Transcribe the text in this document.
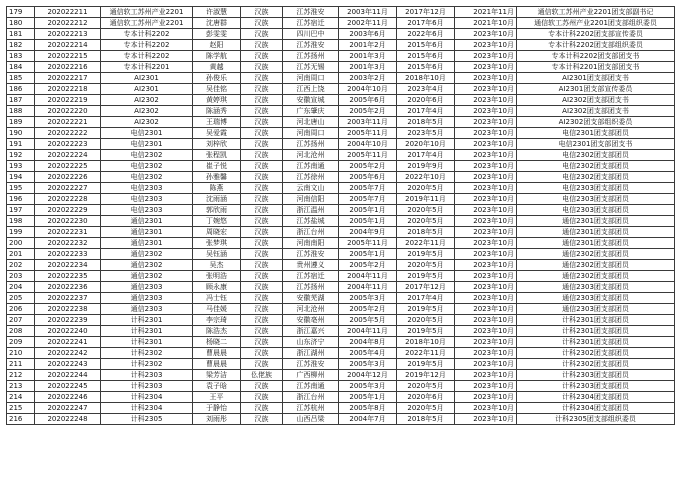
179	202022211	通信软工苏州产业2201	许淑慧	汉族	江苏淮安	2003年11月	2017年12月	2021年11月	通信软工苏州产业2201团支部副书记
180	202022212	通信软工苏州产业2201	沈唐群	汉族	江苏宿迁	2002年11月	2017年6月	2021年10月	通信软工苏州产业2201团支部组织委员
181	202022213	专本计科2202	彭雯雯	汉族	四川巴中	2003年6月	2022年6月	2023年10月	专本计科2202团支部宣传委员
182	202022214	专本计科2202	赵阳	汉族	江苏淮安	2001年2月	2015年6月	2023年10月	专本计科2202团支部组织委员
183	202022215	专本计科2202	陈学航	汉族	江苏扬州	2001年3月	2015年6月	2023年10月	专本计科2202团支部团支书
184	202022216	专本计科2201	黄越	汉族	江苏无锡	2001年3月	2015年6月	2023年10月	专本计科2201团支部团支书
185	202022217	AI2301	孙俊乐	汉族	河南周口	2003年2月	2018年10月	2023年10月	AI2301团支部团支书
186	202022218	AI2301	吴佳铭	汉族	江西上饶	2004年10月	2023年4月	2023年10月	AI2301团支部宣传委员
187	202022219	AI2302	黄婷琪	汉族	安徽宣城	2005年6月	2020年6月	2023年10月	AI2302团支部团支书
188	202022220	AI2302	陈涵秀	汉族	广东肇庆	2005年2月	2017年4月	2023年10月	AI2302团支部团支书
189	202022221	AI2302	王瑞博	汉族	河北唐山	2003年11月	2018年5月	2023年10月	AI2302团支部组织委员
190	202022222	电信2301	吴爱霞	汉族	河南周口	2005年11月	2023年5月	2023年10月	电信2301团支部团员
191	202022223	电信2301	刘梓欣	汉族	江苏扬州	2004年10月	2020年10月	2023年10月	电信2301团支部团支书
192	202022224	电信2302	张程凯	汉族	河北沧州	2005年11月	2017年4月	2023年10月	电信2302团支部团员
193	202022225	电信2302	崔子悦	汉族	江苏南通	2005年2月	2019年9月	2023年10月	电信2302团支部团员
194	202022226	电信2302	孙雅馨	汉族	江苏徐州	2005年6月	2022年10月	2023年10月	电信2302团支部团员
195	202022227	电信2303	陈燕	汉族	云南文山	2005年7月	2020年5月	2023年10月	电信2303团支部团员
196	202022228	电信2303	沈雨涵	汉族	河南信阳	2005年7月	2019年11月	2023年10月	电信2303团支部团员
197	202022229	电信2303	郭欣雨	汉族	浙江温州	2005年1月	2020年5月	2023年10月	电信2303团支部团员
198	202022230	通信2301	丁婉悠	汉族	江苏盐城	2005年1月	2020年5月	2023年10月	通信2301团支部团员
199	202022231	通信2301	周晓宏	汉族	浙江台州	2004年9月	2018年5月	2023年10月	通信2301团支部团员
200	202022232	通信2301	张梦琪	汉族	河南南阳	2005年11月	2022年11月	2023年10月	通信2301团支部团员
201	202022233	通信2302	吴钰涵	汉族	江苏淮安	2005年1月	2019年5月	2023年10月	通信2302团支部团员
202	202022234	通信2302	吴杰	汉族	贵州遵义	2005年2月	2020年5月	2023年10月	通信2302团支部团员
203	202022235	通信2302	张明浩	汉族	江苏宿迁	2004年11月	2019年5月	2023年10月	通信2302团支部团员
204	202022236	通信2303	顾永康	汉族	江苏扬州	2004年11月	2017年12月	2023年10月	通信2303团支部团员
205	202022237	通信2303	冯士钰	汉族	安徽芜湖	2005年3月	2017年4月	2023年10月	通信2303团支部团员
206	202022238	通信2303	马佳媛	汉族	河北沧州	2005年2月	2019年5月	2023年10月	通信2303团支部团员
207	202022239	计科2301	李宗琦	汉族	安徽亳州	2005年5月	2020年5月	2023年10月	计科2301团支部团员
208	202022240	计科2301	陈浩杰	汉族	浙江嘉兴	2004年11月	2019年5月	2023年10月	计科2301团支部团员
209	202022241	计科2301	杨晓二	汉族	山东济宁	2004年8月	2018年10月	2023年10月	计科2301团支部团员
210	202022242	计科2302	曹晨晨	汉族	浙江湖州	2005年4月	2022年11月	2023年10月	计科2302团支部团员
211	202022243	计科2302	曹晨晨	汉族	江苏淮安	2005年3月	2019年5月	2023年10月	计科2302团支部团员
212	202022244	计科2303	梁芳洁	仫佬族	广西柳州	2004年12月	2019年12月	2023年10月	计科2303团支部团员
213	202022245	计科2303	袁子晗	汉族	江苏南通	2005年3月	2020年5月	2023年10月	计科2303团支部团员
214	202022246	计科2304	王平	汉族	浙江台州	2005年1月	2020年6月	2023年10月	计科2304团支部团员
215	202022247	计科2304	于静怡	汉族	江苏杭州	2005年8月	2020年5月	2023年10月	计科2304团支部团员
216	202022248	计科2305	刘雨彤	汉族	山西吕梁	2004年7月	2018年5月	2023年10月	计科2305团支部组织委员
